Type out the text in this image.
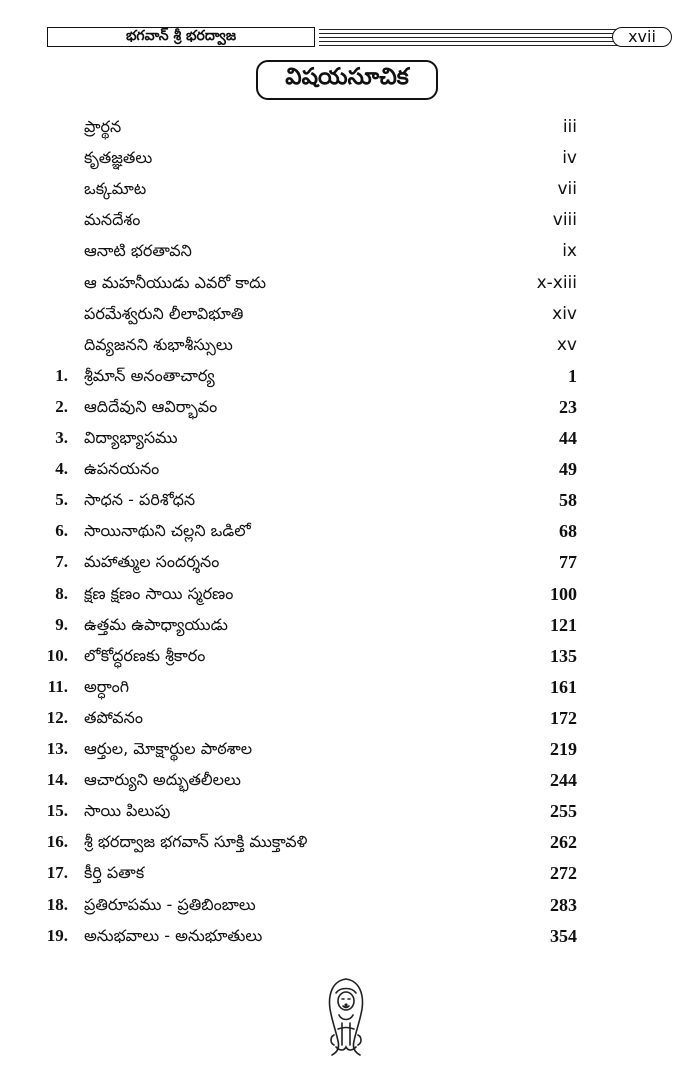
భగవాన్ శ్రీ భరద్వాజ	xvii
విషయసూచిక
ప్రార్థన	iii
కృతజ్ఞతలు	iv
ఒక్కమాట	vii
మనదేశం	viii
ఆనాటి భరతావని	ix
ఆ మహనీయుడు ఎవరో కాదు	x-xiii
పరమేశ్వరుని లీలావిభూతి	xiv
దివ్యజనని శుభాశీస్సులు	xv
1. శ్రీమాన్ అనంతాచార్య	1
2. ఆదిదేవుని ఆవిర్భావం	23
3. విద్యాభ్యాసము	44
4. ఉపనయనం	49
5. సాధన - పరిశోధన	58
6. సాయినాథుని చల్లని ఒడిలో	68
7. మహాత్ముల సందర్శనం	77
8. క్షణ క్షణం సాయి స్మరణం	100
9. ఉత్తమ ఉపాధ్యాయుడు	121
10. లోకోద్ధరణకు శ్రీకారం	135
11. అర్ధాంగి	161
12. తపోవనం	172
13. ఆర్తుల, మోక్షార్థుల పాఠశాల	219
14. ఆచార్యుని అద్భుతలీలలు	244
15. సాయి పిలుపు	255
16. శ్రీ భరద్వాజ భగవాన్ సూక్తి ముక్తావళి	262
17. కీర్తి పతాక	272
18. ప్రతిరూపము - ప్రతిబింబాలు	283
19. అనుభవాలు - అనుభూతులు	354
